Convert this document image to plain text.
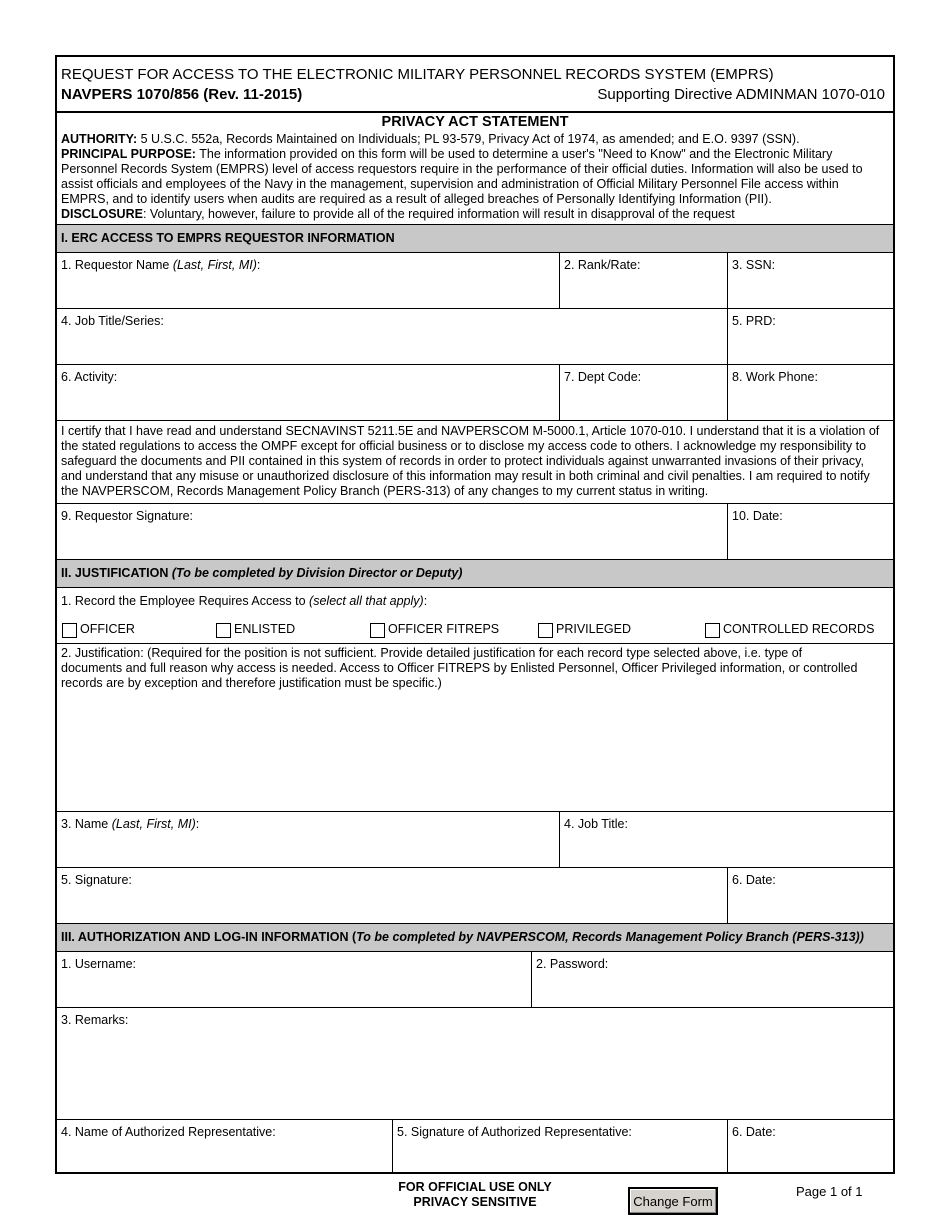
REQUEST FOR ACCESS TO THE ELECTRONIC MILITARY PERSONNEL RECORDS SYSTEM (EMPRS)
NAVPERS 1070/856 (Rev. 11-2015)	Supporting Directive ADMINMAN 1070-010
PRIVACY ACT STATEMENT
AUTHORITY: 5 U.S.C. 552a, Records Maintained on Individuals; PL 93-579, Privacy Act of 1974, as amended; and E.O. 9397 (SSN).
PRINCIPAL PURPOSE: The information provided on this form will be used to determine a user's "Need to Know" and the Electronic Military Personnel Records System (EMPRS) level of access requestors require in the performance of their official duties. Information will also be used to assist officials and employees of the Navy in the management, supervision and administration of Official Military Personnel File access within EMPRS, and to identify users when audits are required as a result of alleged breaches of Personally Identifying Information (PII).
DISCLOSURE: Voluntary, however, failure to provide all of the required information will result in disapproval of the request
I. ERC ACCESS TO EMPRS REQUESTOR INFORMATION
1. Requestor Name (Last, First, MI):	2. Rank/Rate:	3. SSN:
4. Job Title/Series:	5. PRD:
6. Activity:	7. Dept Code:	8. Work Phone:
I certify that I have read and understand SECNAVINST 5211.5E and NAVPERSCOM M-5000.1, Article 1070-010. I understand that it is a violation of the stated regulations to access the OMPF except for official business or to disclose my access code to others. I acknowledge my responsibility to safeguard the documents and PII contained in this system of records in order to protect individuals against unwarranted invasions of their privacy, and understand that any misuse or unauthorized disclosure of this information may result in both criminal and civil penalties. I am required to notify the NAVPERSCOM, Records Management Policy Branch (PERS-313) of any changes to my current status in writing.
9. Requestor Signature:	10. Date:
II. JUSTIFICATION (To be completed by Division Director or Deputy)
1. Record the Employee Requires Access to (select all that apply):
OFFICER	ENLISTED	OFFICER FITREPS	PRIVILEGED	CONTROLLED RECORDS
2. Justification: (Required for the position is not sufficient. Provide detailed justification for each record type selected above, i.e. type of documents and full reason why access is needed. Access to Officer FITREPS by Enlisted Personnel, Officer Privileged information, or controlled records are by exception and therefore justification must be specific.)
3. Name (Last, First, MI):	4. Job Title:
5. Signature:	6. Date:
III. AUTHORIZATION AND LOG-IN INFORMATION (To be completed by NAVPERSCOM, Records Management Policy Branch (PERS-313))
1. Username:	2. Password:
3. Remarks:
4. Name of Authorized Representative:	5. Signature of Authorized Representative:	6. Date:
FOR OFFICIAL USE ONLY
PRIVACY SENSITIVE	Change Form
Page 1 of 1
